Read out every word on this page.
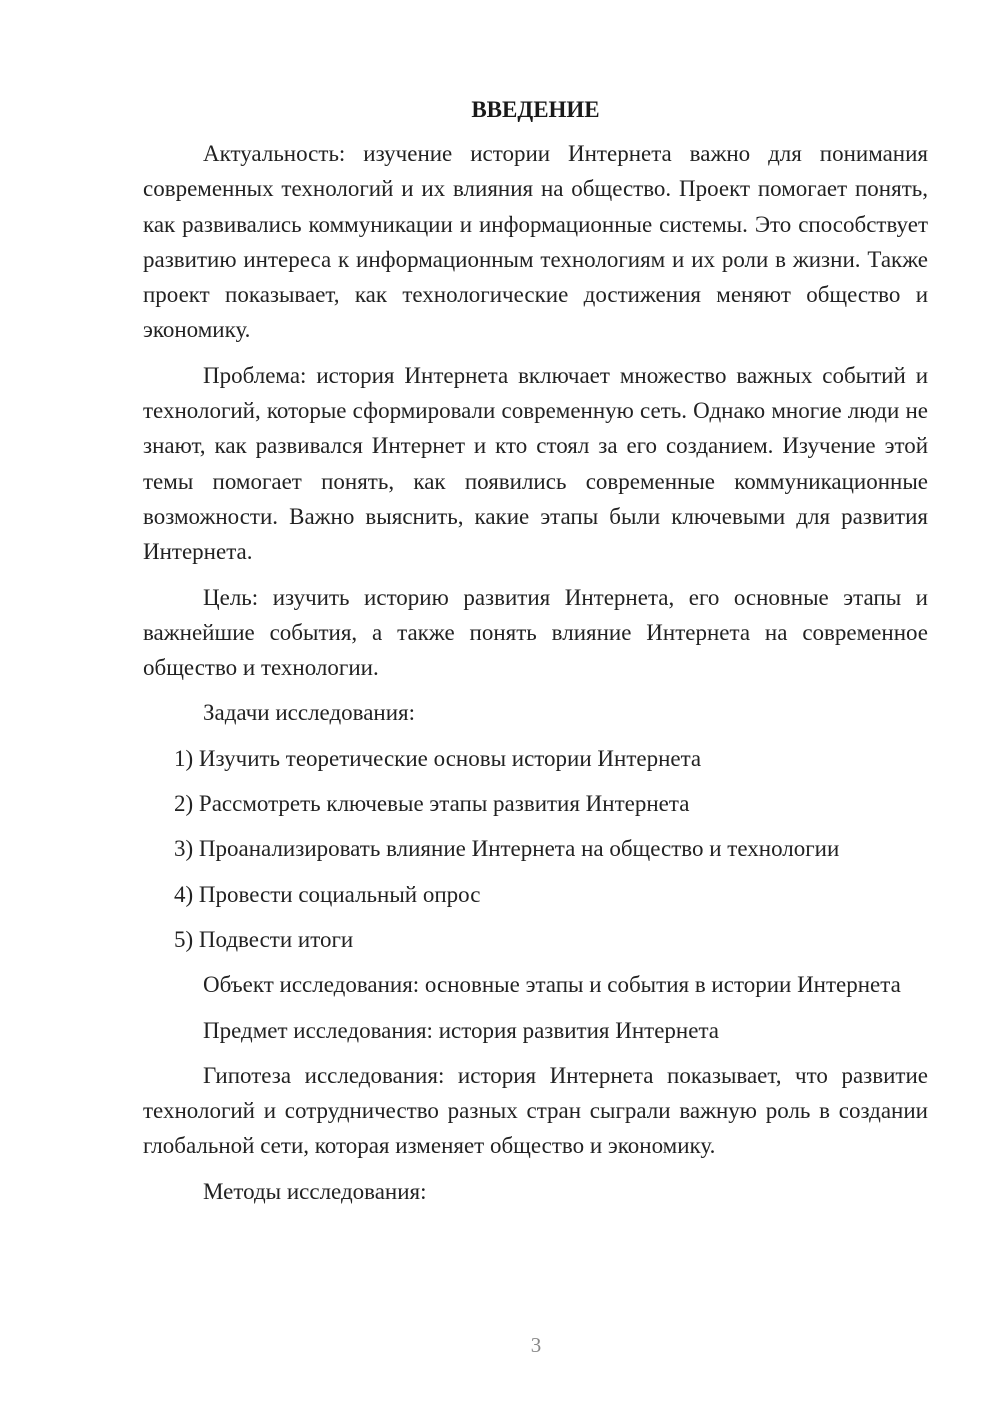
ВВЕДЕНИЕ

Актуальность: изучение истории Интернета важно для понимания современных технологий и их влияния на общество. Проект помогает понять, как развивались коммуникации и информационные системы. Это способствует развитию интереса к информационным технологиям и их роли в жизни. Также проект показывает, как технологические достижения меняют общество и экономику.

Проблема: история Интернета включает множество важных событий и технологий, которые сформировали современную сеть. Однако многие люди не знают, как развивался Интернет и кто стоял за его созданием. Изучение этой темы помогает понять, как появились современные коммуникационные возможности. Важно выяснить, какие этапы были ключевыми для развития Интернета.

Цель: изучить историю развития Интернета, его основные этапы и важнейшие события, а также понять влияние Интернета на современное общество и технологии.

Задачи исследования:

1) Изучить теоретические основы истории Интернета
2) Рассмотреть ключевые этапы развития Интернета
3) Проанализировать влияние Интернета на общество и технологии
4) Провести социальный опрос
5) Подвести итоги

Объект исследования: основные этапы и события в истории Интернета

Предмет исследования: история развития Интернета

Гипотеза исследования: история Интернета показывает, что развитие технологий и сотрудничество разных стран сыграли важную роль в создании глобальной сети, которая изменяет общество и экономику.

Методы исследования:

3
